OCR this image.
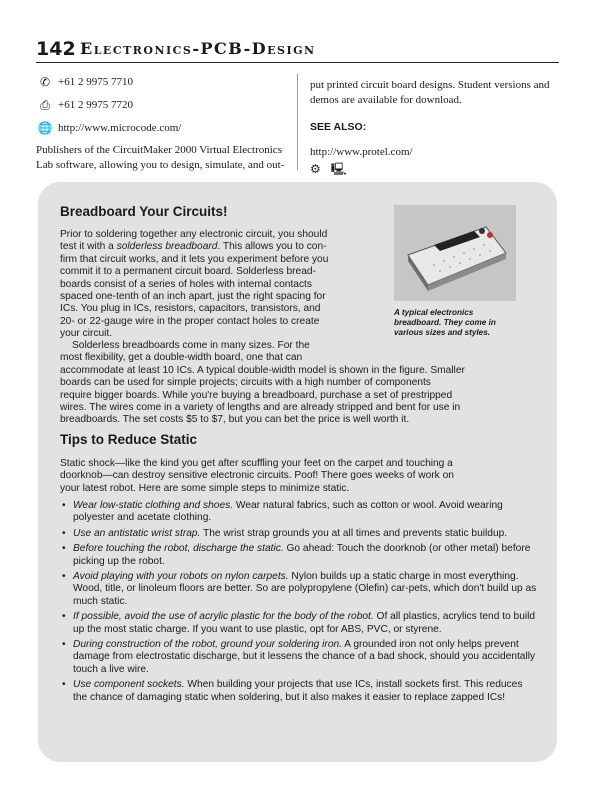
142 Electronics-PCB-Design
✆ +61 2 9975 7710
⎙ +61 2 9975 7720
🌐 http://www.microcode.com/
Publishers of the CircuitMaker 2000 Virtual Electronics
Lab software, allowing you to design, simulate, and out-
put printed circuit board designs. Student versions and
demos are available for download.
SEE ALSO:
http://www.protel.com/
⚙ 🖳
Breadboard Your Circuits!
Prior to soldering together any electronic circuit, you should
test it with a solderless breadboard. This allows you to con-
firm that circuit works, and it lets you experiment before you
commit it to a permanent circuit board. Solderless bread-
boards consist of a series of holes with internal contacts
spaced one-tenth of an inch apart, just the right spacing for
ICs. You plug in ICs, resistors, capacitors, transistors, and
20- or 22-gauge wire in the proper contact holes to create
your circuit.
A typical electronics breadboard. They come in various sizes and styles.
Solderless breadboards come in many sizes. For the
most flexibility, get a double-width board, one that can
accommodate at least 10 ICs. A typical double-width model is shown in the figure. Smaller
boards can be used for simple projects; circuits with a high number of components
require bigger boards. While you're buying a breadboard, purchase a set of prestripped
wires. The wires come in a variety of lengths and are already stripped and bent for use in
breadboards. The set costs $5 to $7, but you can bet the price is well worth it.
Tips to Reduce Static
Static shock—like the kind you get after scuffling your feet on the carpet and touching a
doorknob—can destroy sensitive electronic circuits. Poof! There goes weeks of work on
your latest robot. Here are some simple steps to minimize static.
• Wear low-static clothing and shoes. Wear natural fabrics, such as cotton or wool. Avoid wearing polyester and acetate clothing.
• Use an antistatic wrist strap. The wrist strap grounds you at all times and prevents static buildup.
• Before touching the robot, discharge the static. Go ahead: Touch the doorknob (or other metal) before picking up the robot.
• Avoid playing with your robots on nylon carpets. Nylon builds up a static charge in most everything. Wood, title, or linoleum floors are better. So are polypropylene (Olefin) car-pets, which don't build up as much static.
• If possible, avoid the use of acrylic plastic for the body of the robot. Of all plastics, acrylics tend to build up the most static charge. If you want to use plastic, opt for ABS, PVC, or styrene.
• During construction of the robot, ground your soldering iron. A grounded iron not only helps prevent damage from electrostatic discharge, but it lessens the chance of a bad shock, should you accidentally touch a live wire.
• Use component sockets. When building your projects that use ICs, install sockets first. This reduces the chance of damaging static when soldering, but it also makes it easier to replace zapped ICs!
